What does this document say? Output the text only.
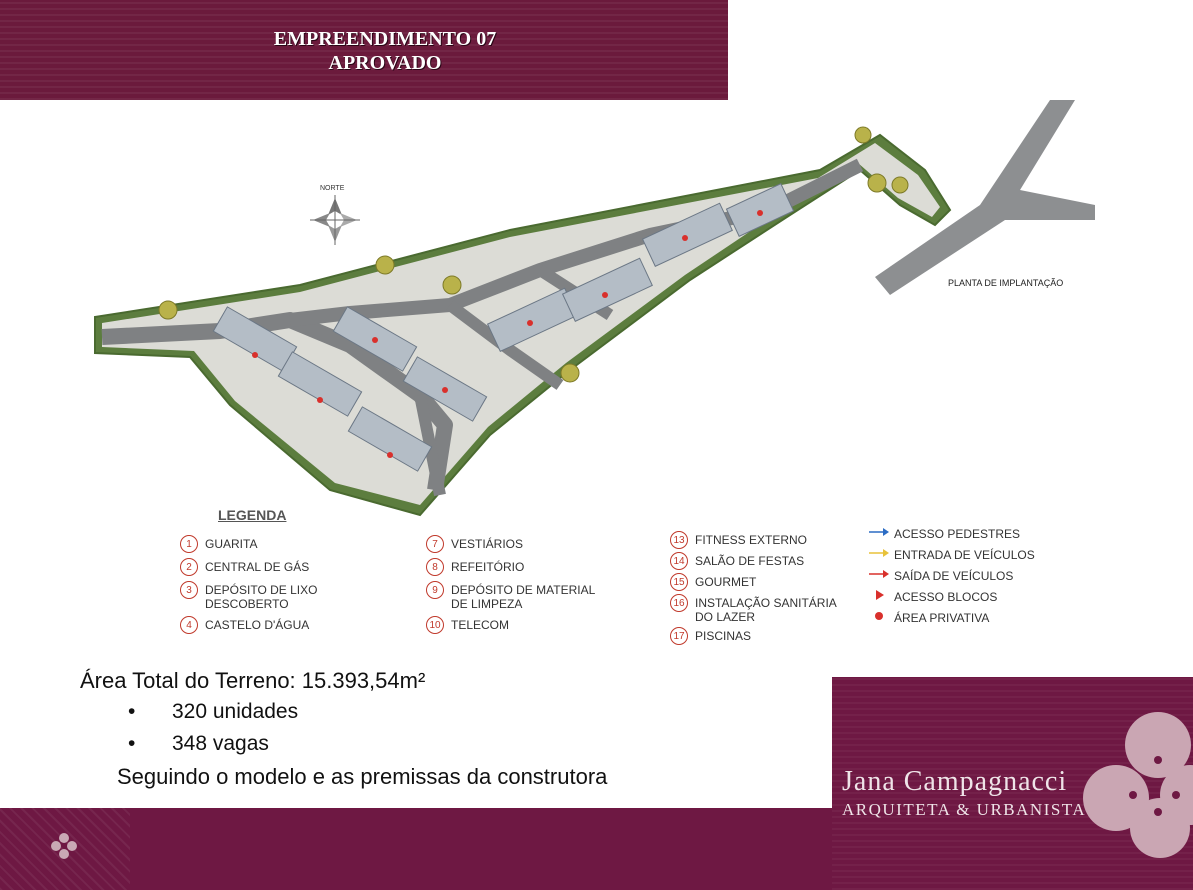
EMPREENDIMENTO 07
APROVADO
NORTE
PLANTA DE IMPLANTAÇÃO
LEGENDA
1	GUARITA
2	CENTRAL DE GÁS
3	DEPÓSITO DE LIXO DESCOBERTO
4	CASTELO D'ÁGUA
7	VESTIÁRIOS
8	REFEITÓRIO
9	DEPÓSITO DE MATERIAL DE LIMPEZA
10 TELECOM
13 FITNESS EXTERNO
14 SALÃO DE FESTAS
15 GOURMET
16 INSTALAÇÃO SANITÁRIA DO LAZER
17 PISCINAS
ACESSO PEDESTRES
ENTRADA DE VEÍCULOS
SAÍDA DE VEÍCULOS
ACESSO BLOCOS
ÁREA PRIVATIVA
Área Total do Terreno: 15.393,54m²
• 320 unidades
• 348 vagas
Seguindo o modelo e as premissas da construtora	Jana Campagnacci
ARQUITETA & URBANISTA
